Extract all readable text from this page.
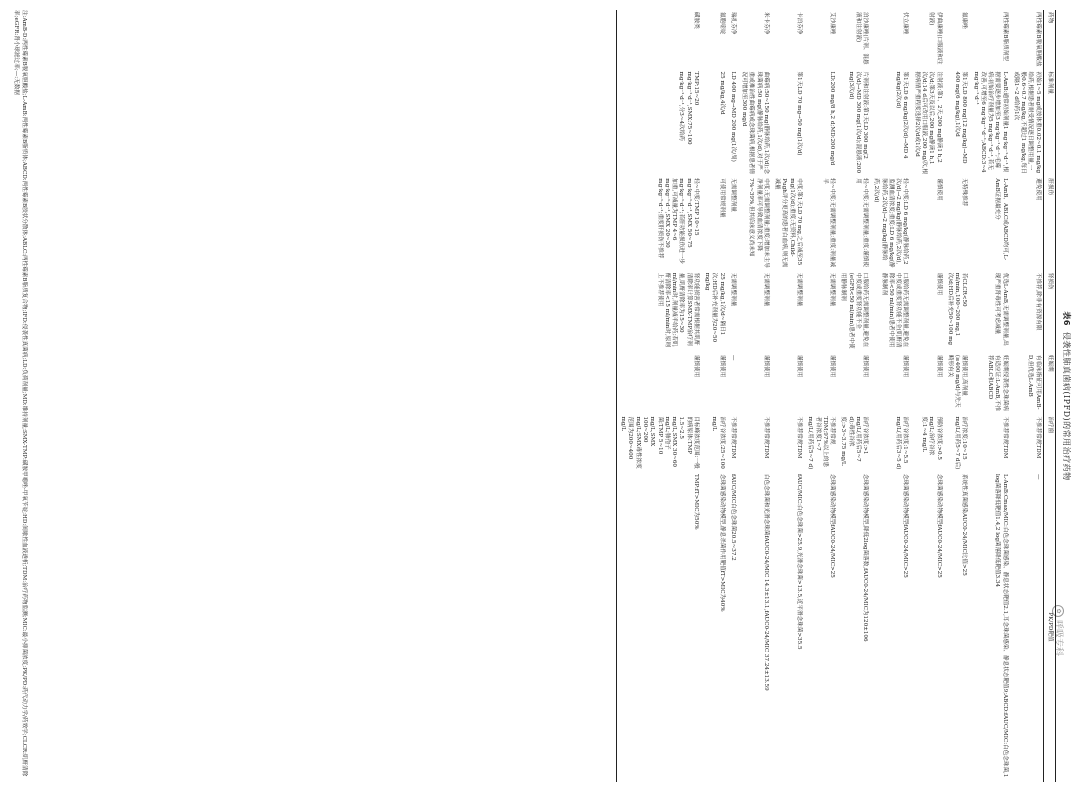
表6侵袭性肺真菌病(IPFD)的常用治疗药物
✿呼吸专科
药物	标准剂量	肝损伤	肾损伤	妊娠期	治疗窗	PK/PD靶值
两性霉素B脱氧胆酸盐	初始1~5 mg或按体重0.02~0.1 mg/kg给药,根据患者耐受情况逐日调整用量,一般0.6~0.7 mg/kg,不超过1 mg/kg,每日或隔1~2 d给药1次	避免使用	不推荐,除非有资源有限	有临床指征可用AmB-D,但优选L-AmB	不推荐常规TDM	—
两性霉素B脂质剂型	L-AmB:通常初始剂量1 mg·kg⁻¹·d⁻¹,根据需要逐步增加至3 mg·kg⁻¹·d⁻¹;毛霉病:初始治疗剂量为5 mg·kg⁻¹·d⁻¹,若无改善,可增至6 mg·kg⁻¹·d⁻¹;ABCD:3~4 mg·kg⁻¹·d⁻¹	L-AmB、ABLC或ABCD均可,L-AmB证据最充分	优选L-AmB,无需调整剂量,出现严重肾毒性可考虑减量	妊娠期侵袭性念珠菌病有适应证:L-AmB,不推荐ABLC和ABCD	不推荐常规TDM	L-AmB:Cmax/MIC:白色念珠菌感染、静息状态靶值2.1,耳念珠菌感染、静息状态靶值9;ABCD:fAUC/MIC:白色念珠菌,1 log菌落降低靶值1.4,2 log菌落降低靶值3.34
氟康唑	第1天LD 800 mg(12 mg/kg)→MD 400 mg(6 mg/kg),1次/d	无特殊推荐	若CLCR<50 ml/min,100~200 mg,1次/d;HD后补充50~100 mg	谨慎使用,高剂量(≥400 mg/d)与先天畸形有关	治疗浓度:10~15 mg/L(用药5~7 d后)	系统性真菌感染AUC0-24/MIC比值>25
伊曲康唑(口服液和注射液)	注射液:第1、2天,200 mg静滴1 h,2次/d;第3天及以后,200 mg静滴1 h,1次/d;14 d后可改用口服液,200 mg/次,根据病情严重程度选择2次/d或1次/d	谨慎使用	谨慎使用	谨慎使用	预防谷浓度:>0.5 mg/L;治疗谷浓度:1~4 mg/L	念珠菌感染动物模型fAUC0-24/MIC>25
伏立康唑	第1天LD 6 mg/kg(2次/d)→MD 4 mg/kg(2次/d)	轻~中度:LD 6 mg/kg(静脉给药,2次/d)→2 mg/kg(静脉给药,2次/d),监测血清浓度;重度:LD 6 mg/kg(静脉给药,2次/d)→2 mg/kg(静脉给药,2次/d)	口服给药无需调整剂量,避免在中度或重度肾功能不全(肌酐清除率<50 ml/min)患者中使用静脉制剂	谨慎使用	治疗谷浓度:1~5.5 mg/L(用药后3~5 d)	念珠菌感染动物模型fAUC0-24/MIC>25
泊沙康唑(片剂、混悬液和注射液)	片剂和注射液:第1天LD 300 mg(2次/d)→MD 300 mg(1次/d);混悬液:200 mg(3次/d)	轻~中度:无需调整剂量;重度:谨慎使用	口服给药无需调整剂量,避免在中度或重度肾功能不全(eGFR<50 ml/min)患者中使用静脉制剂	谨慎使用	治疗谷浓度:>1 mg/L(用药后5~7 d);毒性谷浓度:>3~3.75 mg/L	念珠菌感染动物模型,降低2log菌落数,fAUC0-24/MIC为120±106
艾沙康唑	LD:200 mg/8 h,2 d;MD:200 mg/d	轻~中度:无需调整剂量;重度:剂量减半	无需调整剂量	谨慎使用	不推荐常规TDM;97%以上的患者谷浓度1~7 mg/L(用药后5~7 d)	念珠菌感染动物模型fAUC0-24/MIC>25
卡泊芬净	第1天LD 70 mg→50 mg(1次/d)	中度:第1天LD 70 mg,之后减至35 mg(1次/d);重度:无资料,Child-Pugh评分更高的患者白血病,则无需减量	无需调整剂量	谨慎使用	不推荐常规TDM	fAUC/MIC:白色念珠菌>25.9,光滑念珠菌>13.5,近平滑念珠菌>35.5
米卡芬净	曲霉病:50~150 mg(静脉给药,1次/d);念珠菌病:50 mg(静脉给药,1次/d),对于严重或难治性曲霉病或念珠菌病,根据患者情况可增加至300 mg/d	中度:无需调整剂量;重度:增加未主导净剂量率可导致血清浓度下降7%~39%,但其临床意义尚未知	无需调整剂量	谨慎使用	不推荐常规TDM	白色念珠菌和光滑念珠菌fAUC0-24/MIC 14.3±13.1,fAUC0-24/MIC 37.24±13.59
瑞扎芬净	LD 400 mg→MD 200 mg(1次/周)	无需调整剂量	无需调整剂量	—	不推荐常规TDM	fAUC/MIC白色念珠菌20.5~37.2
氟胞嘧啶	25 mg/kg,4次/d	可使用常规剂量	25 mg/kg,1次/d~隔日1次;HD后补充剂量为20~50 mg/kg	谨慎使用	治疗谷浓度:25~100 mg/L	念珠菌感染动物模型,静息杀菌作用靶值fT>MIC为40%
磺胺类	TMP:15~20 mg·kg⁻¹·d⁻¹,SMX:75~100 mg·kg⁻¹·d⁻¹,分3~4次给药	轻~中度:TMP 10~15 mg·kg⁻¹·d⁻¹,SMX 50~75 mg·kg⁻¹·d⁻¹;若肝功能损伤进一步加重,可减量为TMP 4~6 mg·kg⁻¹·d⁻¹,SMX 20~30 mg·kg⁻¹·d⁻¹;重度肝损伤不推荐	肾功能损害者常需根据其肌酐清除率计算SMX-TMP治疗剂量,肌酐清除率为15~30 ml/min时,剂量减半给药;若肌酐清除率<15 ml/min时,原则上不推荐使用	谨慎使用	目标峰浓度范围:一般的病原体:TMP 1.5~2.5 mg/L,SMX 30~60 mg/L;肺孢子菌:TMP 5~10 mg/L,SMX 100~200 mg/L;SMX毒性浓度范围为200~400 mg/L	TMP:fT>MIC为50%
注:AmB-D:两性霉素B脱氧胆酸盐;L-AmB:两性霉素B脂质体;ABCD:两性霉素B胶状分散体;ABLC:两性霉素B脂质复合物;IFD:侵袭性真菌病;LD:负荷剂量;MD:维持剂量;SMX-TMP:磺胺甲噁唑-甲氧苄啶;HD:间歇性血液透析;TDM:治疗药物监测;MIC:最小抑菌浓度;PK/PD:药代动力学/药效学;CLCR:肌酐清除率;eGFR:肾小球滤过率;—:无数据
